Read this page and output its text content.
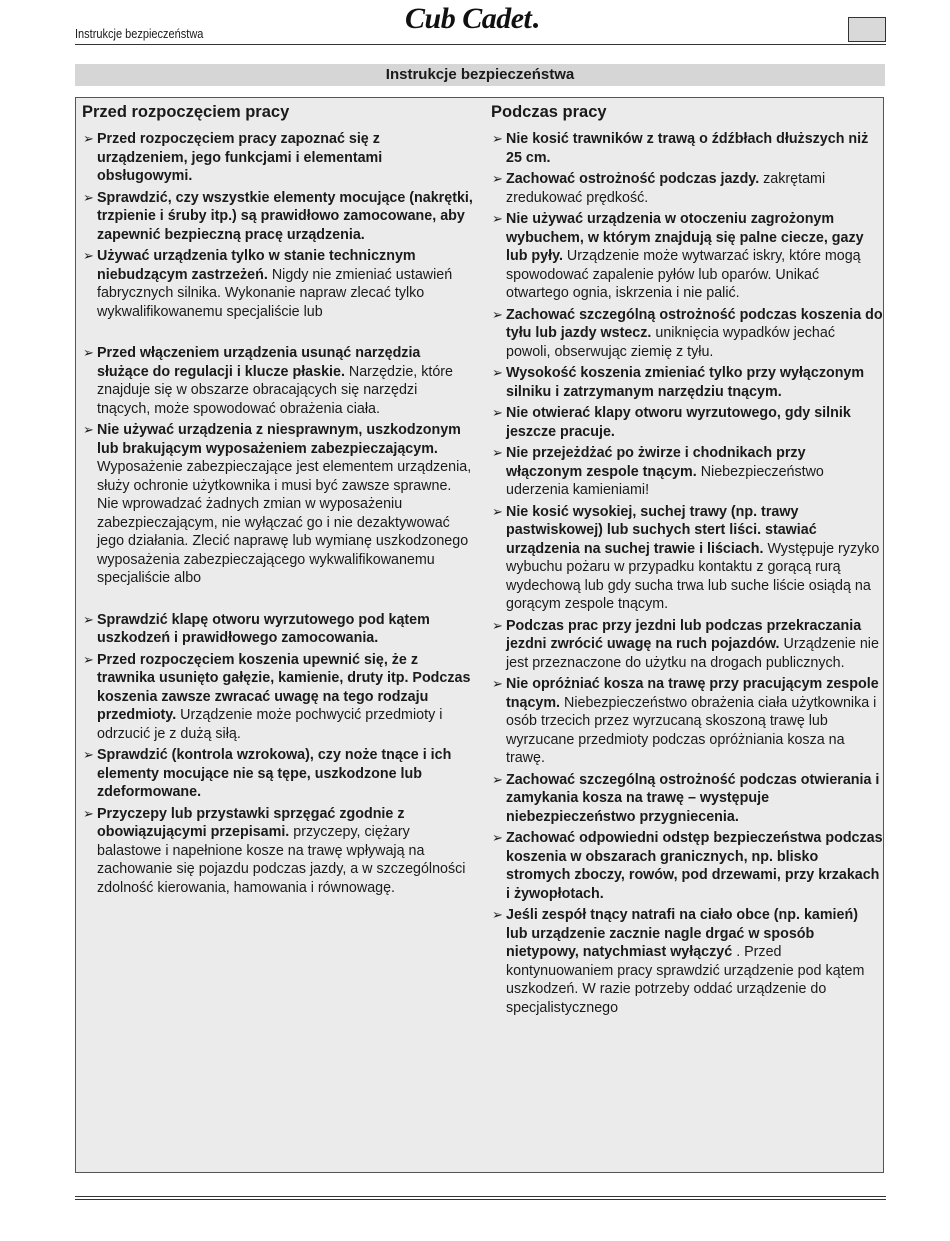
Instrukcje bezpieczeństwa	Cub Cadet
Instrukcje bezpieczeństwa
Przed rozpoczęciem pracy
➢ Przed rozpoczęciem pracy zapoznać się z urządzeniem, jego funkcjami i elementami obsługowymi.
➢ Sprawdzić, czy wszystkie elementy mocujące (nakrętki, trzpienie i śruby itp.) są prawidłowo zamocowane, aby zapewnić bezpieczną pracę urządzenia.
➢ Używać urządzenia tylko w stanie technicznym niebudzącym zastrzeżeń. Nigdy nie zmieniać ustawień fabrycznych silnika. Wykonanie napraw zlecać tylko wykwalifikowanemu specjaliście lub
➢ Przed włączeniem urządzenia usunąć narzędzia służące do regulacji i klucze płaskie. Narzędzie, które znajduje się w obszarze obracających się narzędzi tnących, może spowodować obrażenia ciała.
➢ Nie używać urządzenia z niesprawnym, uszkodzonym lub brakującym wyposażeniem zabezpieczającym. Wyposażenie zabezpieczające jest elementem urządzenia, służy ochronie użytkownika i musi być zawsze sprawne. Nie wprowadzać żadnych zmian w wyposażeniu zabezpieczającym, nie wyłączać go i nie dezaktywować jego działania. Zlecić naprawę lub wymianę uszkodzonego wyposażenia zabezpieczającego wykwalifikowanemu specjaliście albo
➢ Sprawdzić klapę otworu wyrzutowego pod kątem uszkodzeń i prawidłowego zamocowania.
➢ Przed rozpoczęciem koszenia upewnić się, że z trawnika usunięto gałęzie, kamienie, druty itp. Podczas koszenia zawsze zwracać uwagę na tego rodzaju przedmioty. Urządzenie może pochwycić przedmioty i odrzucić je z dużą siłą.
➢ Sprawdzić (kontrola wzrokowa), czy noże tnące i ich elementy mocujące nie są tępe, uszkodzone lub zdeformowane.
➢ Przyczepy lub przystawki sprzęgać zgodnie z obowiązującymi przepisami. przyczepy, ciężary balastowe i napełnione kosze na trawę wpływają na zachowanie się pojazdu podczas jazdy, a w szczególności zdolność kierowania, hamowania i równowagę.
Podczas pracy
➢ Nie kosić trawników z trawą o źdźbłach dłuższych niż 25 cm.
➢ Zachować ostrożność podczas jazdy. zakrętami zredukować prędkość.
➢ Nie używać urządzenia w otoczeniu zagrożonym wybuchem, w którym znajdują się palne ciecze, gazy lub pyły. Urządzenie może wytwarzać iskry, które mogą spowodować zapalenie pyłów lub oparów. Unikać otwartego ognia, iskrzenia i nie palić.
➢ Zachować szczególną ostrożność podczas koszenia do tyłu lub jazdy wstecz. uniknięcia wypadków jechać powoli, obserwując ziemię z tyłu.
➢ Wysokość koszenia zmieniać tylko przy wyłączonym silniku i zatrzymanym narzędziu tnącym.
➢ Nie otwierać klapy otworu wyrzutowego, gdy silnik jeszcze pracuje.
➢ Nie przejeżdżać po żwirze i chodnikach przy włączonym zespole tnącym. Niebezpieczeństwo uderzenia kamieniami!
➢ Nie kosić wysokiej, suchej trawy (np. trawy pastwiskowej) lub suchych stert liści. stawiać urządzenia na suchej trawie i liściach. Występuje ryzyko wybuchu pożaru w przypadku kontaktu z gorącą rurą wydechową lub gdy sucha trwa lub suche liście osiądą na gorącym zespole tnącym.
➢ Podczas prac przy jezdni lub podczas przekraczania jezdni zwrócić uwagę na ruch pojazdów. Urządzenie nie jest przeznaczone do użytku na drogach publicznych.
➢ Nie opróżniać kosza na trawę przy pracującym zespole tnącym. Niebezpieczeństwo obrażenia ciała użytkownika i osób trzecich przez wyrzucaną skoszoną trawę lub wyrzucane przedmioty podczas opróżniania kosza na trawę.
➢ Zachować szczególną ostrożność podczas otwierania i zamykania kosza na trawę – występuje niebezpieczeństwo przygniecenia.
➢ Zachować odpowiedni odstęp bezpieczeństwa podczas koszenia w obszarach granicznych, np. blisko stromych zboczy, rowów, pod drzewami, przy krzakach i żywopłotach.
➢ Jeśli zespół tnący natrafi na ciało obce (np. kamień) lub urządzenie zacznie nagle drgać w sposób nietypowy, natychmiast wyłączyć . Przed kontynuowaniem pracy sprawdzić urządzenie pod kątem uszkodzeń. W razie potrzeby oddać urządzenie do specjalistycznego
